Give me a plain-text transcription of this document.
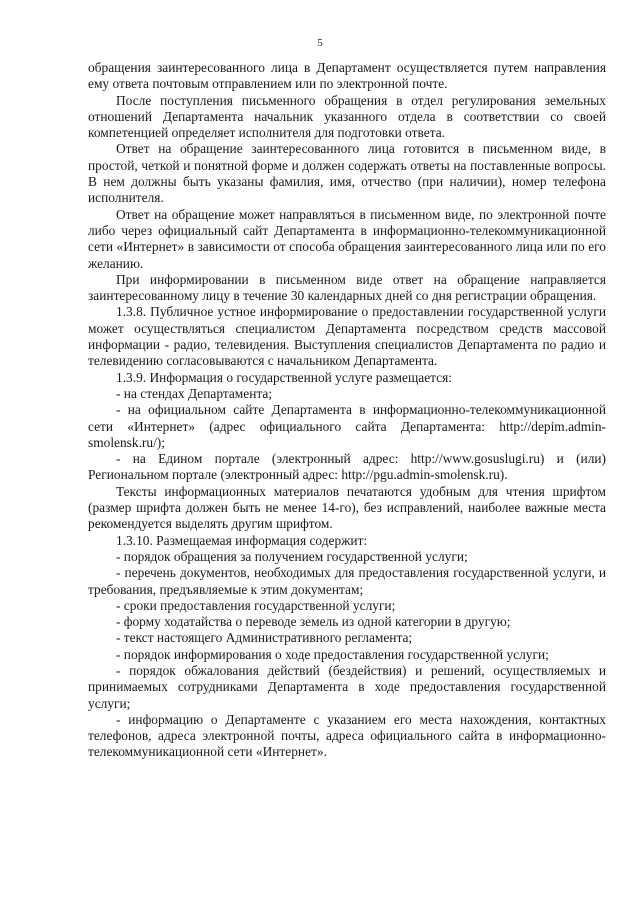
5

обращения заинтересованного лица в Департамент осуществляется путем направления ему ответа почтовым отправлением или по электронной почте.

После поступления письменного обращения в отдел регулирования земельных отношений Департамента начальник указанного отдела в соответствии со своей компетенцией определяет исполнителя для подготовки ответа.

Ответ на обращение заинтересованного лица готовится в письменном виде, в простой, четкой и понятной форме и должен содержать ответы на поставленные вопросы. В нем должны быть указаны фамилия, имя, отчество (при наличии), номер телефона исполнителя.

Ответ на обращение может направляться в письменном виде, по электронной почте либо через официальный сайт Департамента в информационно-телекоммуникационной сети «Интернет» в зависимости от способа обращения заинтересованного лица или по его желанию.

При информировании в письменном виде ответ на обращение направляется заинтересованному лицу в течение 30 календарных дней со дня регистрации обращения.

1.3.8. Публичное устное информирование о предоставлении государственной услуги может осуществляться специалистом Департамента посредством средств массовой информации - радио, телевидения. Выступления специалистов Департамента по радио и телевидению согласовываются с начальником Департамента.

1.3.9. Информация о государственной услуге размещается:

- на стендах Департамента;

- на официальном сайте Департамента в информационно-телекоммуникационной сети «Интернет» (адрес официального сайта Департамента: http://depim.admin-smolensk.ru/);

- на Едином портале (электронный адрес: http://www.gosuslugi.ru) и (или) Региональном портале (электронный адрес: http://pgu.admin-smolensk.ru).

Тексты информационных материалов печатаются удобным для чтения шрифтом (размер шрифта должен быть не менее 14-го), без исправлений, наиболее важные места рекомендуется выделять другим шрифтом.

1.3.10. Размещаемая информация содержит:

- порядок обращения за получением государственной услуги;

- перечень документов, необходимых для предоставления государственной услуги, и требования, предъявляемые к этим документам;

- сроки предоставления государственной услуги;

- форму ходатайства о переводе земель из одной категории в другую;

- текст настоящего Административного регламента;

- порядок информирования о ходе предоставления государственной услуги;

- порядок обжалования действий (бездействия) и решений, осуществляемых и принимаемых сотрудниками Департамента в ходе предоставления государственной услуги;

- информацию о Департаменте с указанием его места нахождения, контактных телефонов, адреса электронной почты, адреса официального сайта в информационно-телекоммуникационной сети «Интернет».
